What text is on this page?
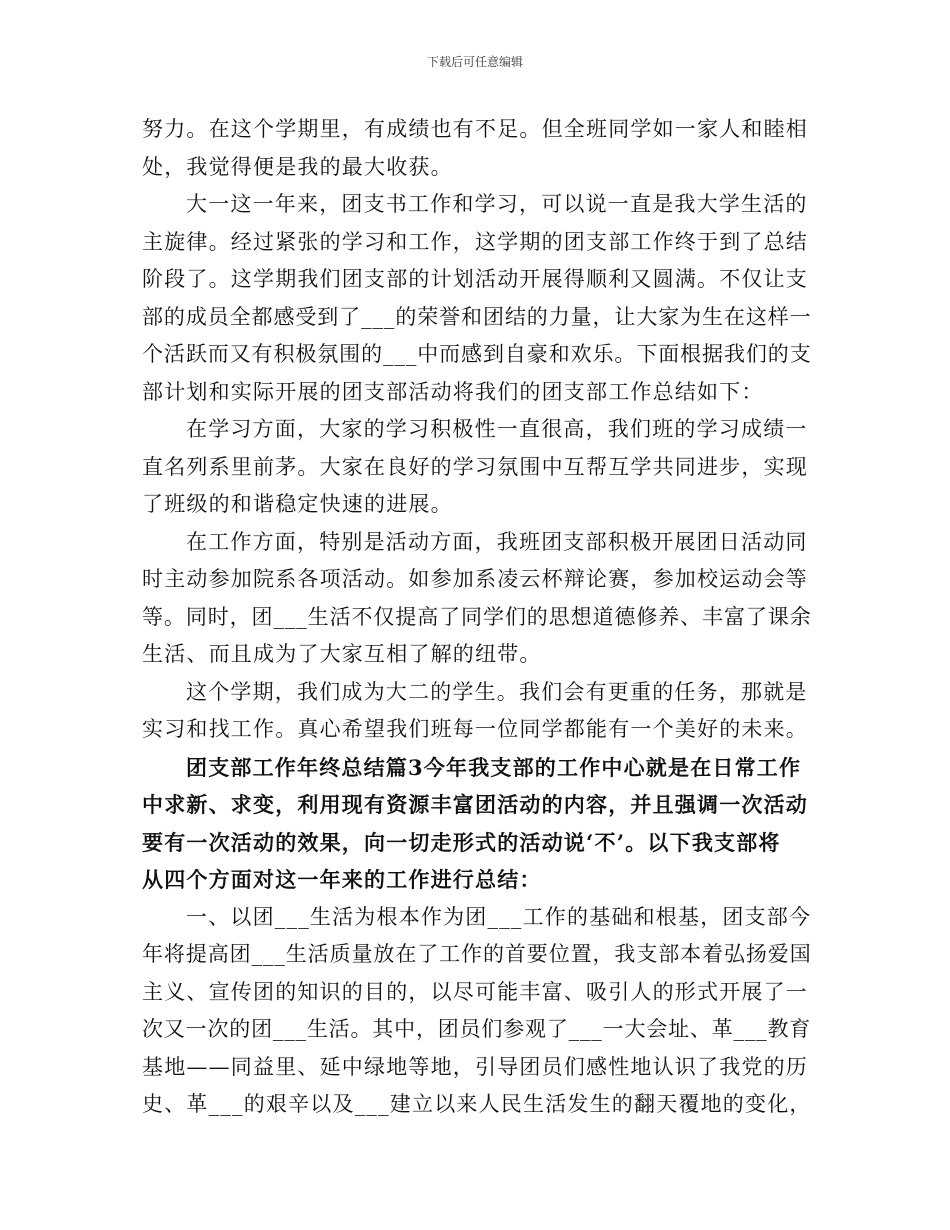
下载后可任意编辑

努力。在这个学期里，有成绩也有不足。但全班同学如一家人和睦相
处，我觉得便是我的最大收获。

大一这一年来，团支书工作和学习，可以说一直是我大学生活的
主旋律。经过紧张的学习和工作，这学期的团支部工作终于到了总结
阶段了。这学期我们团支部的计划活动开展得顺利又圆满。不仅让支
部的成员全都感受到了___的荣誉和团结的力量，让大家为生在这样一
个活跃而又有积极氛围的___中而感到自豪和欢乐。下面根据我们的支
部计划和实际开展的团支部活动将我们的团支部工作总结如下：

在学习方面，大家的学习积极性一直很高，我们班的学习成绩一
直名列系里前茅。大家在良好的学习氛围中互帮互学共同进步，实现
了班级的和谐稳定快速的进展。

在工作方面，特别是活动方面，我班团支部积极开展团日活动同
时主动参加院系各项活动。如参加系凌云杯辩论赛，参加校运动会等
等。同时，团___生活不仅提高了同学们的思想道德修养、丰富了课余
生活、而且成为了大家互相了解的纽带。

这个学期，我们成为大二的学生。我们会有更重的任务，那就是
实习和找工作。真心希望我们班每一位同学都能有一个美好的未来。

团支部工作年终总结篇3今年我支部的工作中心就是在日常工作
中求新、求变，利用现有资源丰富团活动的内容，并且强调一次活动
要有一次活动的效果，向一切走形式的活动说‘不’。以下我支部将
从四个方面对这一年来的工作进行总结：

一、以团___生活为根本作为团___工作的基础和根基，团支部今
年将提高团___生活质量放在了工作的首要位置，我支部本着弘扬爱国
主义、宣传团的知识的目的，以尽可能丰富、吸引人的形式开展了一
次又一次的团___生活。其中，团员们参观了___一大会址、革___教育
基地——同益里、延中绿地等地，引导团员们感性地认识了我党的历
史、革___的艰辛以及___建立以来人民生活发生的翻天覆地的变化，
